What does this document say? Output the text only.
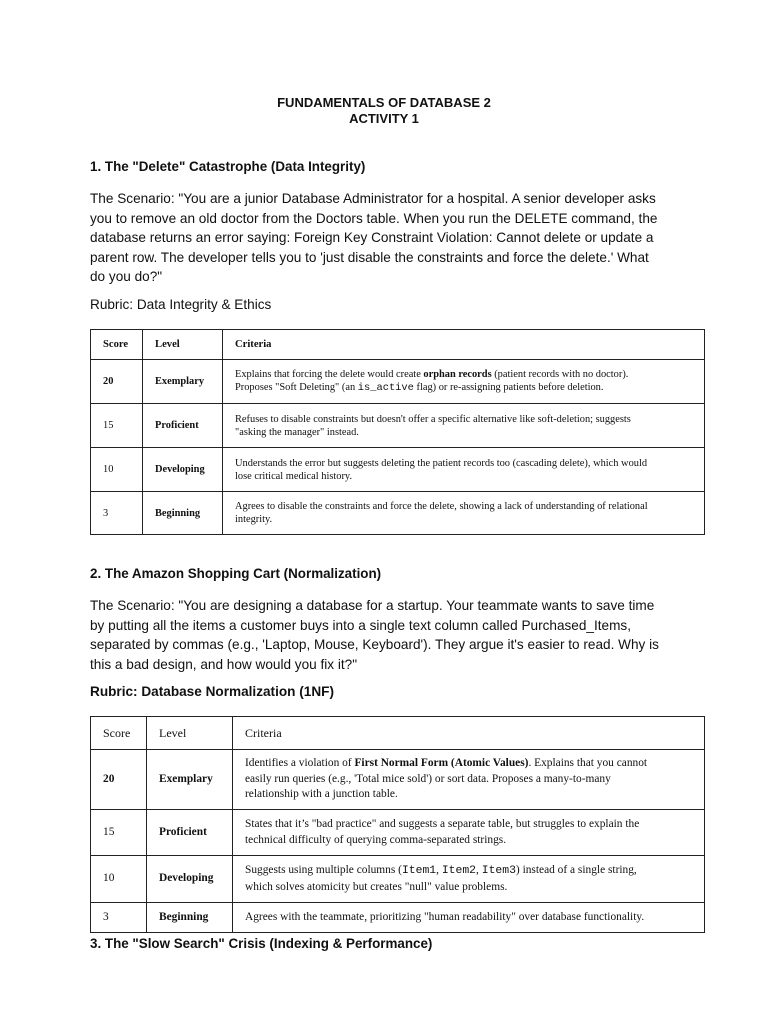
FUNDAMENTALS OF DATABASE 2
ACTIVITY 1
1. The "Delete" Catastrophe (Data Integrity)
The Scenario: "You are a junior Database Administrator for a hospital. A senior developer asks
you to remove an old doctor from the Doctors table. When you run the DELETE command, the
database returns an error saying: Foreign Key Constraint Violation: Cannot delete or update a
parent row. The developer tells you to 'just disable the constraints and force the delete.' What
do you do?"
Rubric: Data Integrity & Ethics
Score	Level	Criteria
20	Exemplary	Explains that forcing the delete would create orphan records (patient records with no doctor).
Proposes "Soft Deleting" (an is_active flag) or re-assigning patients before deletion.

15	Proficient	Refuses to disable constraints but doesn't offer a specific alternative like soft-deletion; suggests
"asking the manager" instead.

10	Developing	Understands the error but suggests deleting the patient records too (cascading delete), which would
lose critical medical history.

3	Beginning	Agrees to disable the constraints and force the delete, showing a lack of understanding of relational
integrity.
2. The Amazon Shopping Cart (Normalization)
The Scenario: "You are designing a database for a startup. Your teammate wants to save time
by putting all the items a customer buys into a single text column called Purchased_Items,
separated by commas (e.g., 'Laptop, Mouse, Keyboard'). They argue it's easier to read. Why is
this a bad design, and how would you fix it?"
Rubric: Database Normalization (1NF)
Score	Level	Criteria
20	Exemplary	Identifies a violation of First Normal Form (Atomic Values). Explains that you cannot
easily run queries (e.g., 'Total mice sold') or sort data. Proposes a many-to-many
relationship with a junction table.

15	Proficient	States that it’s "bad practice" and suggests a separate table, but struggles to explain the
technical difficulty of querying comma-separated strings.

10	Developing	Suggests using multiple columns (Item1, Item2, Item3) instead of a single string,
which solves atomicity but creates "null" value problems.

3	Beginning	Agrees with the teammate, prioritizing "human readability" over database functionality.
3. The "Slow Search" Crisis (Indexing & Performance)
